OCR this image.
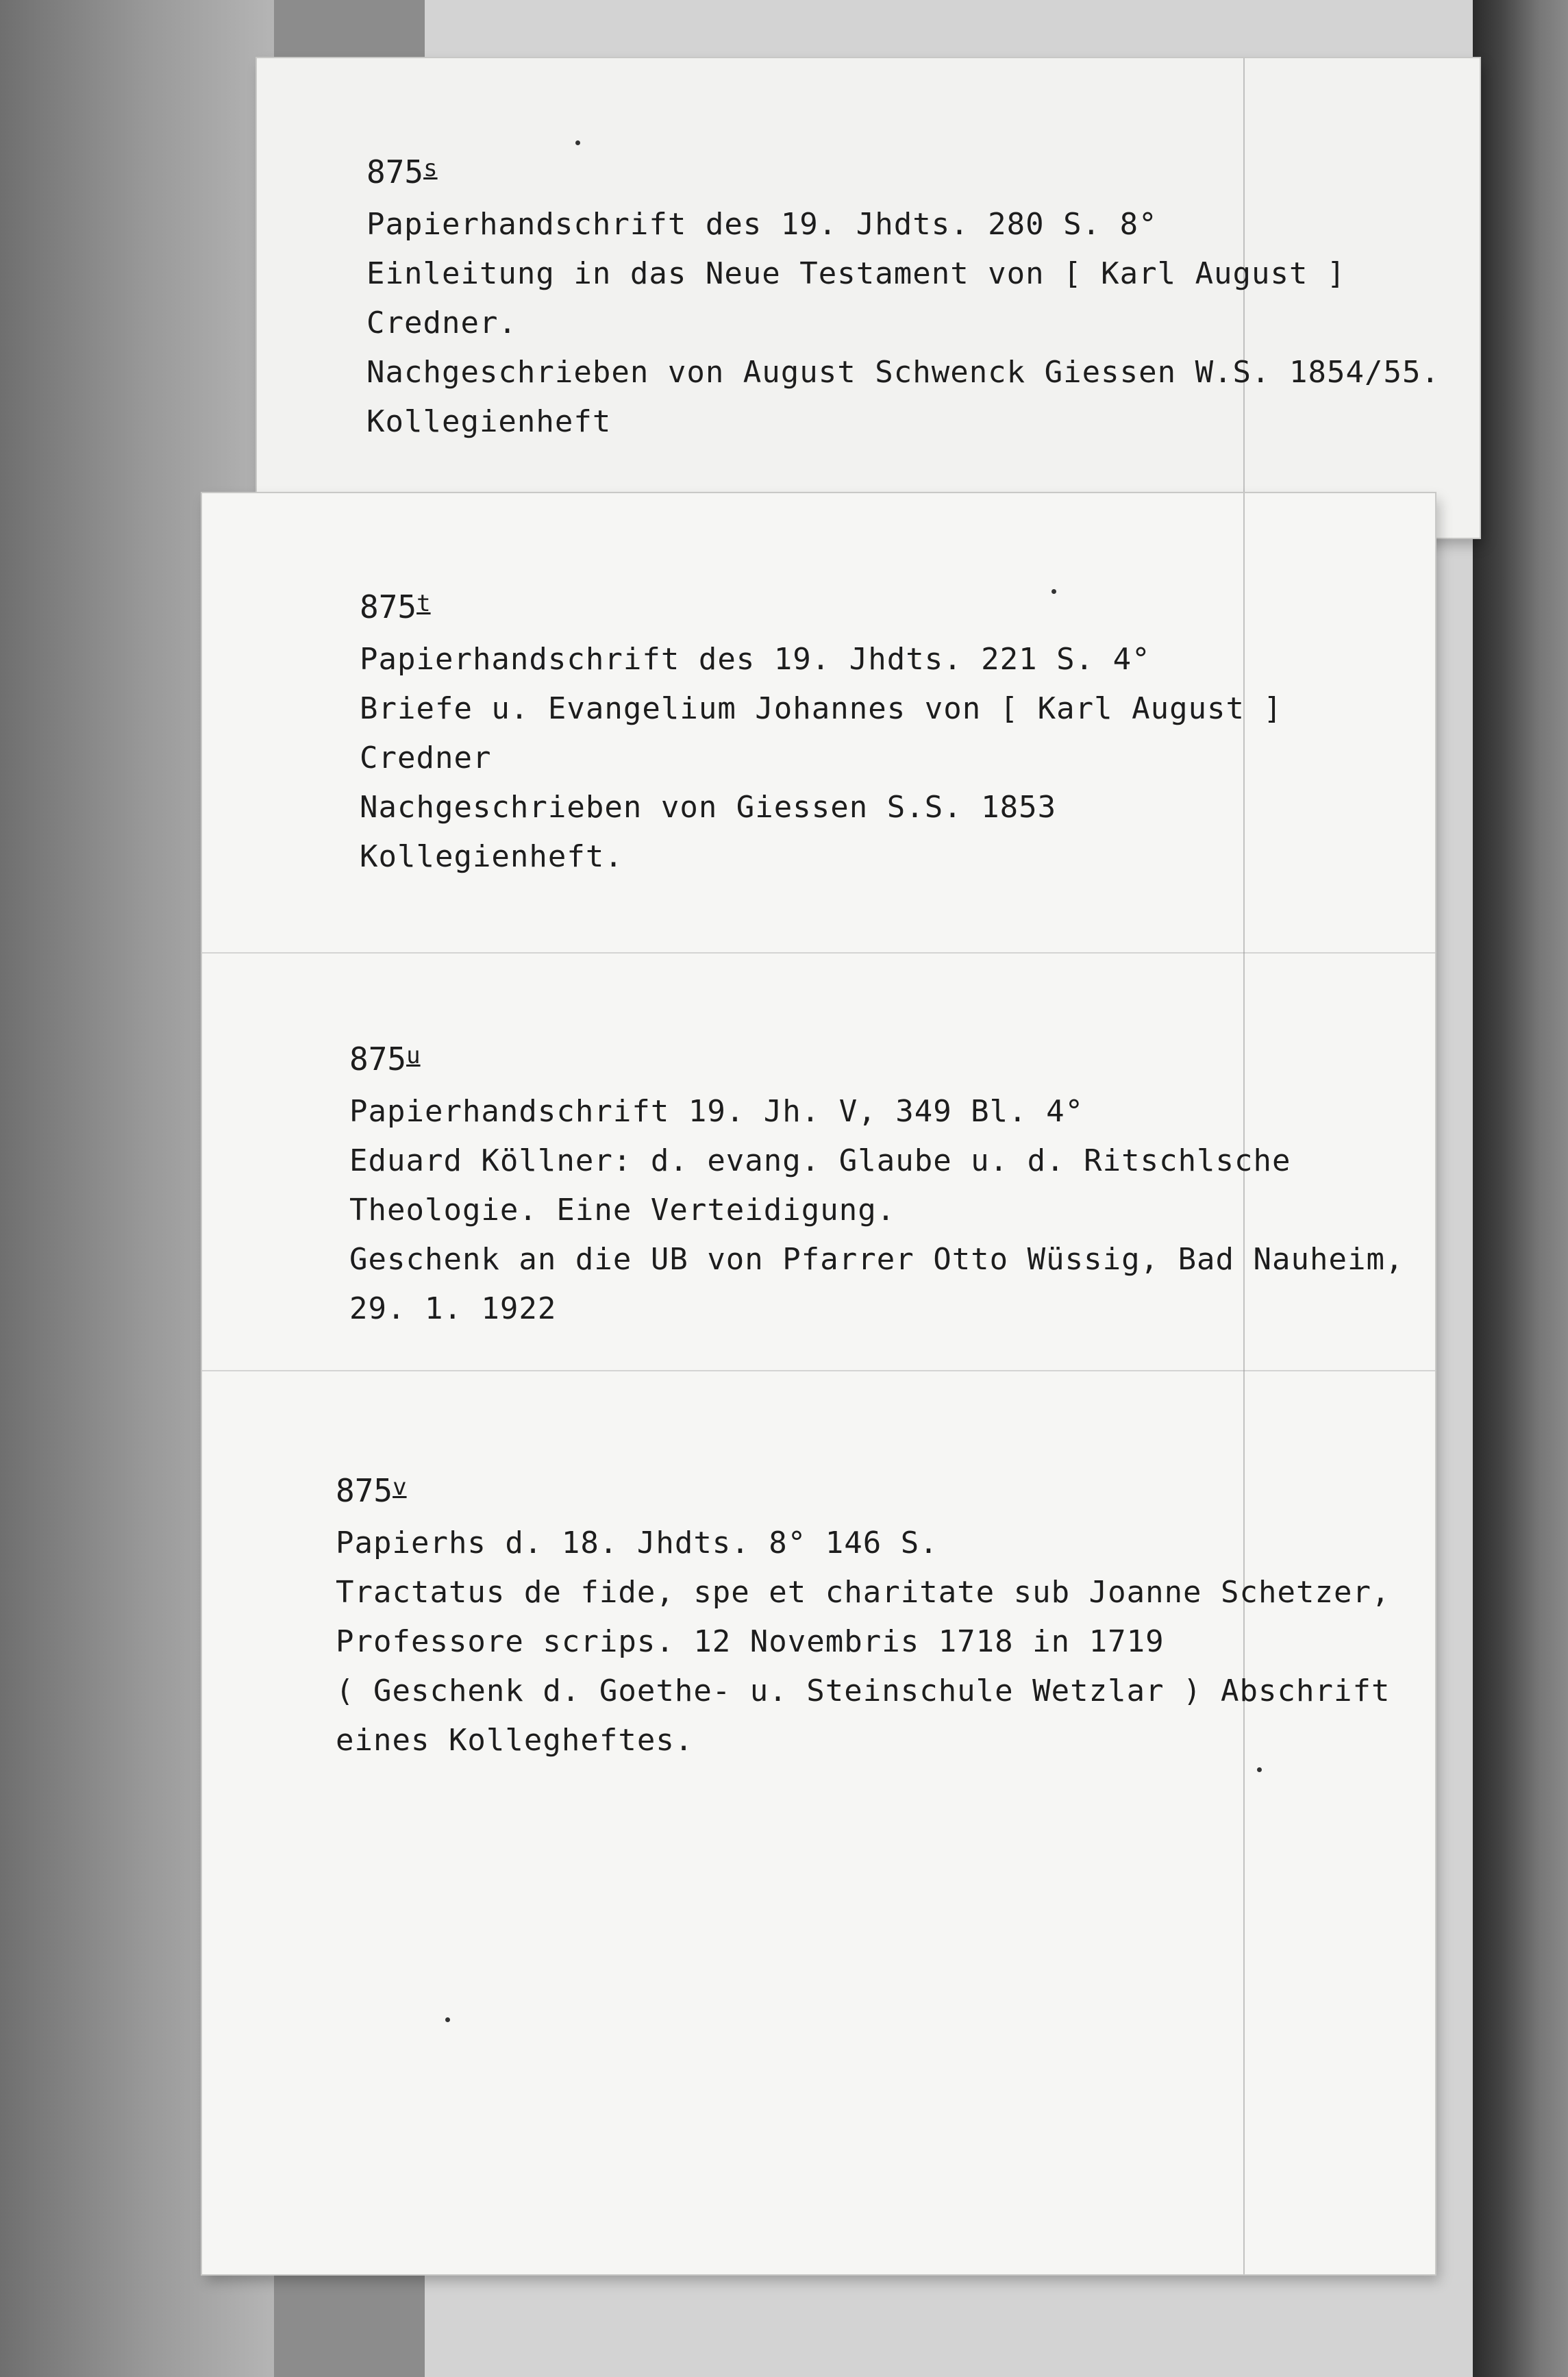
875$^s$
Papierhandschrift des 19. Jhdts. 280 S. 8°
Einleitung in das Neue Testament von [ Karl August ]
Credner.
Nachgeschrieben von August Schwenck Giessen W.S. 1854/55.
Kollegienheft
875$^t$
Papierhandschrift des 19. Jhdts. 221 S. 4°
Briefe u. Evangelium Johannes von [ Karl August ]
Credner
Nachgeschrieben von Giessen S.S. 1853
Kollegienheft.
875$^u$
Papierhandschrift 19. Jh. V, 349 Bl. 4°
Eduard Köllner: d. evang. Glaube u. d. Ritschlsche
Theologie. Eine Verteidigung.
Geschenk an die UB von Pfarrer Otto Wüssig, Bad Nauheim,
29. 1. 1922
875$^v$
Papierhs d. 18. Jhdts. 8° 146 S.
Tractatus de fide, spe et charitate sub Joanne Schetzer,
Professore scrips. 12 Novembris 1718 in 1719
( Geschenk d. Goethe- u. Steinschule Wetzlar ) Abschrift
eines Kollegheftes.
